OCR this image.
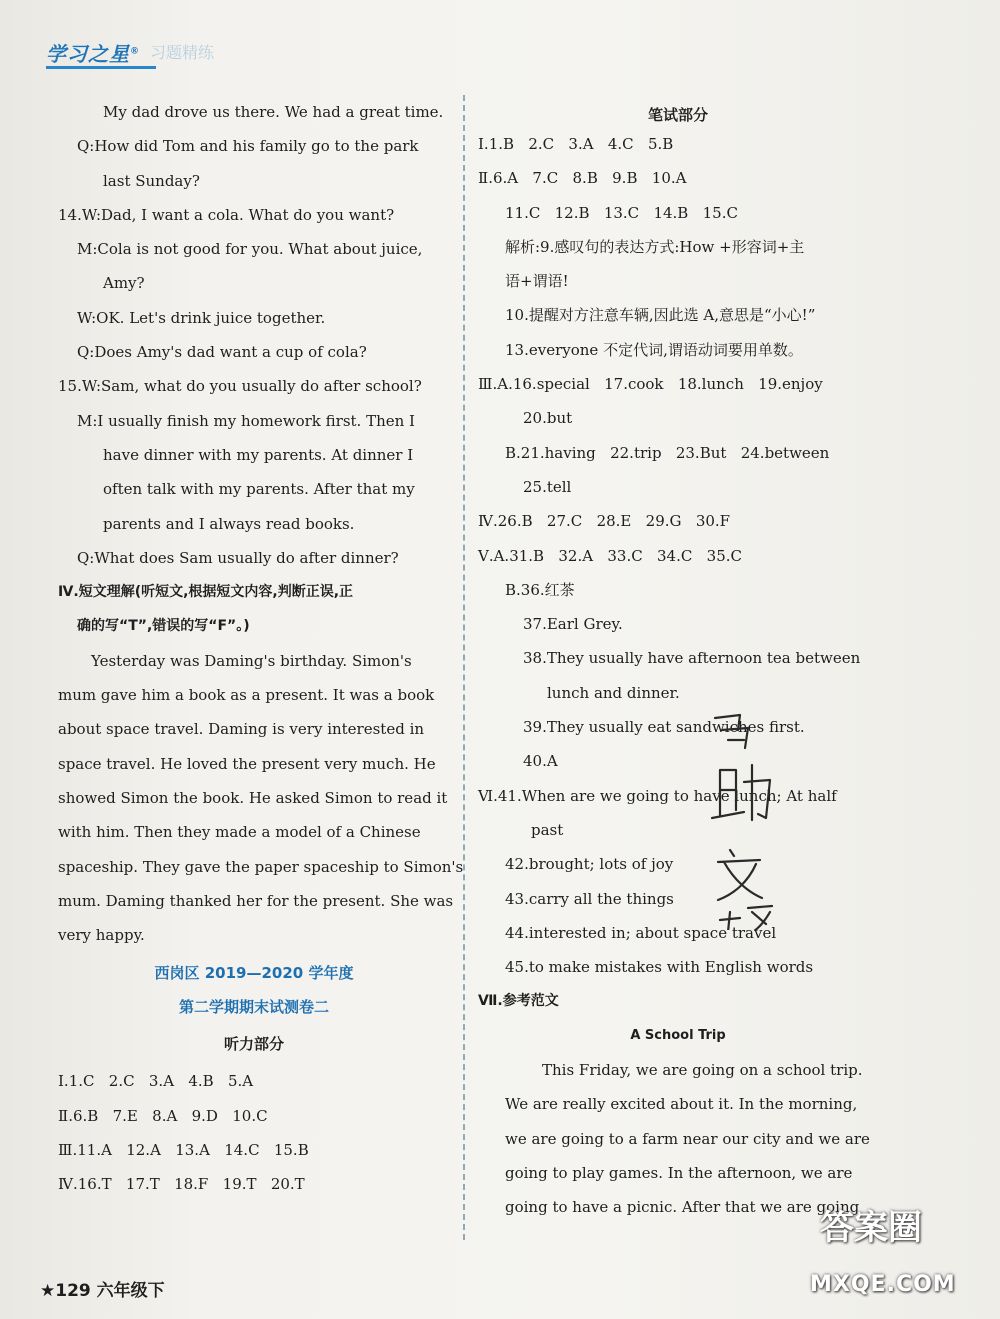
学习之星® 习题精练
My dad drove us there. We had a great time.
Q:How did Tom and his family go to the park
last Sunday?
14.W:Dad, I want a cola. What do you want?
M:Cola is not good for you. What about juice,
Amy?
W:OK. Let's drink juice together.
Q:Does Amy's dad want a cup of cola?
15.W:Sam, what do you usually do after school?
M:I usually finish my homework first. Then I
have dinner with my parents. At dinner I
often talk with my parents. After that my
parents and I always read books.
Q:What does Sam usually do after dinner?
Ⅳ.短文理解(听短文,根据短文内容,判断正误,正
确的写“T”,错误的写“F”。)
Yesterday was Daming's birthday. Simon's
mum gave him a book as a present. It was a book
about space travel. Daming is very interested in
space travel. He loved the present very much. He
showed Simon the book. He asked Simon to read it
with him. Then they made a model of a Chinese
spaceship. They gave the paper spaceship to Simon's
mum. Daming thanked her for the present. She was
very happy.
西岗区 2019—2020 学年度
第二学期期末试测卷二
听力部分
Ⅰ.1.C   2.C   3.A   4.B   5.A
Ⅱ.6.B   7.E   8.A   9.D   10.C
Ⅲ.11.A   12.A   13.A   14.C   15.B
Ⅳ.16.T   17.T   18.F   19.T   20.T
笔试部分
Ⅰ.1.B   2.C   3.A   4.C   5.B
Ⅱ.6.A   7.C   8.B   9.B   10.A
11.C   12.B   13.C   14.B   15.C
解析:9.感叹句的表达方式:How +形容词+主
语+谓语!
10.提醒对方注意车辆,因此选 A,意思是“小心!”
13.everyone 不定代词,谓语动词要用单数。
Ⅲ.A.16.special   17.cook   18.lunch   19.enjoy
20.but
B.21.having   22.trip   23.But   24.between
25.tell
Ⅳ.26.B   27.C   28.E   29.G   30.F
Ⅴ.A.31.B   32.A   33.C   34.C   35.C
B.36.红茶
37.Earl Grey.
38.They usually have afternoon tea between
lunch and dinner.
39.They usually eat sandwiches first.
40.A
Ⅵ.41.When are we going to have lunch; At half
past
42.brought; lots of joy
43.carry all the things
44.interested in; about space travel
45.to make mistakes with English words
Ⅶ.参考范文
A School Trip
This Friday, we are going on a school trip.
We are really excited about it. In the morning,
we are going to a farm near our city and we are
going to play games. In the afternoon, we are
going to have a picnic. After that we are going
★129 六年级下
答案圈
MXQE.COM
